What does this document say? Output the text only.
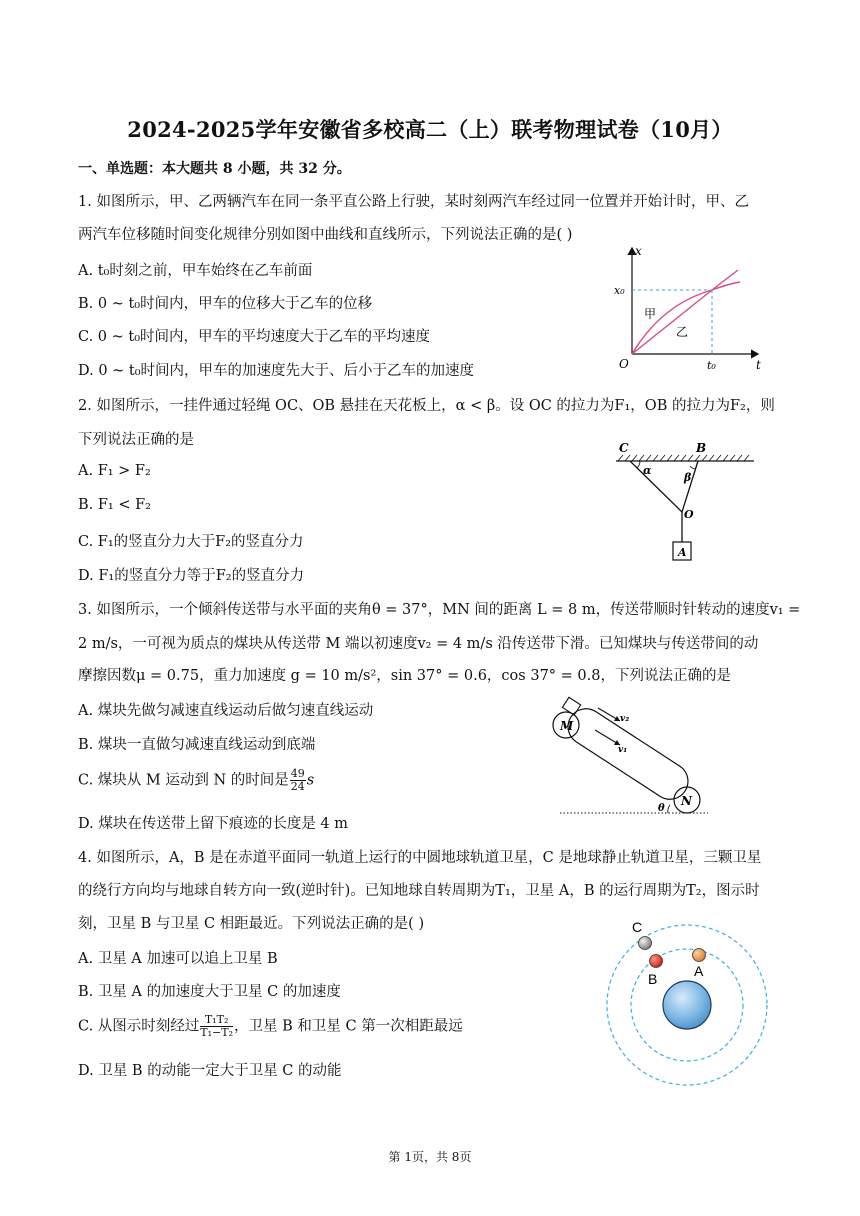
2024-2025学年安徽省多校高二（上）联考物理试卷（10月）
一、单选题：本大题共 8 小题，共 32 分。
1. 如图所示，甲、乙两辆汽车在同一条平直公路上行驶，某时刻两汽车经过同一位置并开始计时，甲、乙
两汽车位移随时间变化规律分别如图中曲线和直线所示，下列说法正确的是( )
A. t₀时刻之前，甲车始终在乙车前面
B. 0 ~ t₀时间内，甲车的位移大于乙车的位移
C. 0 ~ t₀时间内，甲车的平均速度大于乙车的平均速度
D. 0 ~ t₀时间内，甲车的加速度先大于、后小于乙车的加速度
x
t
O
x₀
t₀
甲
乙
2. 如图所示，一挂件通过轻绳 OC、OB 悬挂在天花板上，α < β。设 OC 的拉力为F₁，OB 的拉力为F₂，则
下列说法正确的是
A. F₁ > F₂
B. F₁ < F₂
C. F₁的竖直分力大于F₂的竖直分力
D. F₁的竖直分力等于F₂的竖直分力
C	B
α
β
O
A
3. 如图所示，一个倾斜传送带与水平面的夹角θ = 37°，MN 间的距离 L = 8 m，传送带顺时针转动的速度v₁ =
2 m/s，一可视为质点的煤块从传送带 M 端以初速度v₂ = 4 m/s 沿传送带下滑。已知煤块与传送带间的动
摩擦因数μ = 0.75，重力加速度 g = 10 m/s²，sin 37° = 0.6，cos 37° = 0.8，下列说法正确的是
A. 煤块先做匀减速直线运动后做匀速直线运动
B. 煤块一直做匀减速直线运动到底端
C. 煤块从 M 运动到 N 的时间是 $\frac{49}{24}$ s
D. 煤块在传送带上留下痕迹的长度是 4 m
M
N
v₂
v₁
θ
4. 如图所示，A，B 是在赤道平面同一轨道上运行的中圆地球轨道卫星，C 是地球静止轨道卫星，三颗卫星
的绕行方向均与地球自转方向一致(逆时针)。已知地球自转周期为T₁，卫星 A，B 的运行周期为T₂，图示时
刻，卫星 B 与卫星 C 相距最近。下列说法正确的是( )
A. 卫星 A 加速可以追上卫星 B
B. 卫星 A 的加速度大于卫星 C 的加速度
C. 从图示时刻经过 $\frac{\text{T₁T₂}}{\text{T₁−T₂}}$ ，卫星 B 和卫星 C 第一次相距最远
D. 卫星 B 的动能一定大于卫星 C 的动能
C
B	A
第 1页，共 8页
